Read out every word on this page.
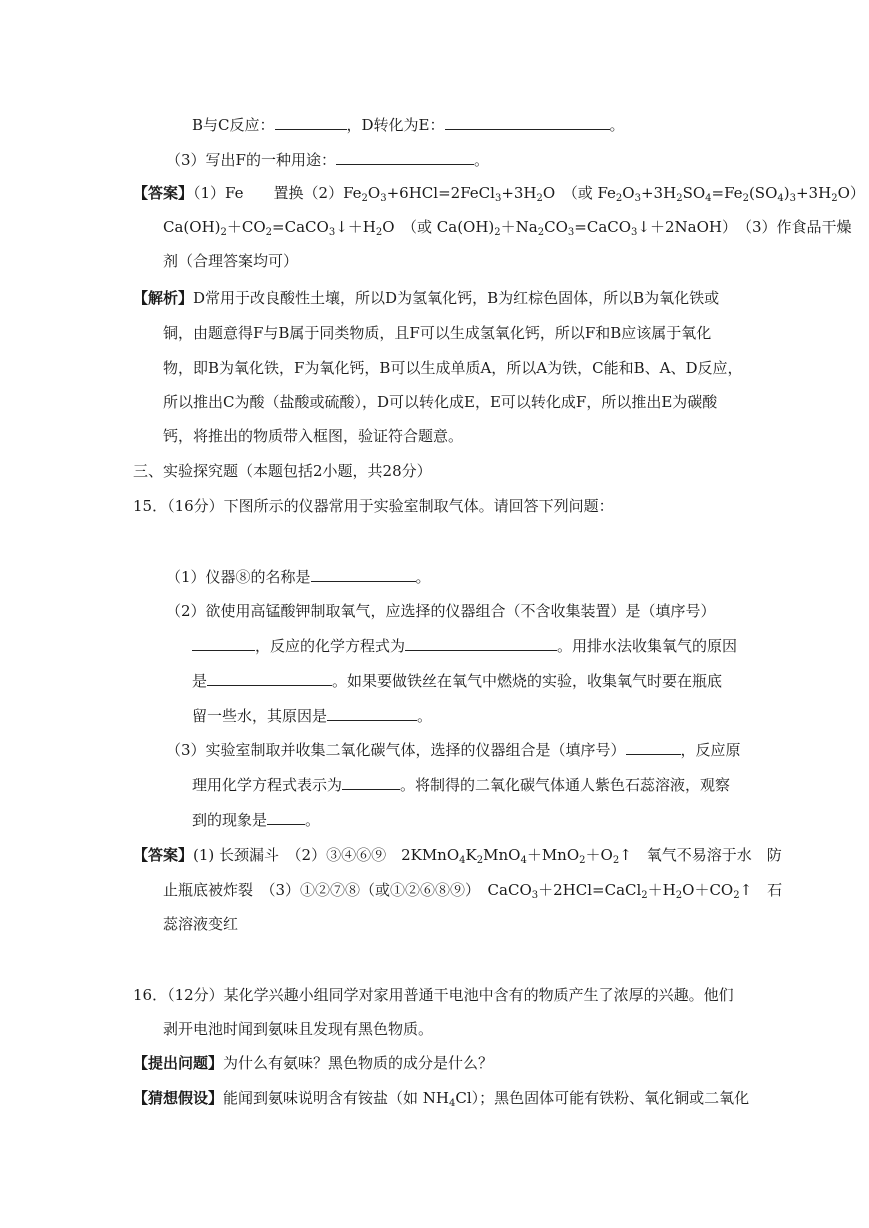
B与C反应：	，D转化为E：	。
（3）写出F的一种用途：	。
【答案】（1）Fe　　置换$(2)Fe_2O_3+6HCl=2FeCl_3+3H_2O$　（或 $Fe_2O_3+3H_2SO_4=Fe_2(SO_4)_3+3H_2O$）
$Ca(OH)_2+CO_2=CaCO_3↓+H_2O$　（或 $Ca(OH)_2+Na_2CO_3=CaCO_3↓+2NaOH$）　（3）作食品干燥
剂（合理答案均可）
【解析】D常用于改良酸性土壤，所以D为氢氧化钙，B为红棕色固体，所以B为氧化铁或
铜，由题意得F与B属于同类物质，且F可以生成氢氧化钙，所以F和B应该属于氧化
物，即B为氧化铁，F为氧化钙，B可以生成单质A，所以A为铁，C能和B、A、D反应，
所以推出C为酸（盐酸或硫酸），D可以转化成E，E可以转化成F，所以推出E为碳酸
钙，将推出的物质带入框图，验证符合题意。
三、实验探究题（本题包括2小题，共28分）
15．（16分）下图所示的仪器常用于实验室制取气体。请回答下列问题：
（1）仪器⑧的名称是	。
（2）欲使用高锰酸钾制取氧气，应选择的仪器组合（不含收集装置）是（填序号）
，反应的化学方程式为	。用排水法收集氧气的原因
是	。如果要做铁丝在氧气中燃烧的实验，收集氧气时要在瓶底
留一些水，其原因是	。
（3）实验室制取并收集二氧化碳气体，选择的仪器组合是（填序号）	，反应原
理用化学方程式表示为	。将制得的二氧化碳气体通人紫色石蕊溶液，观察
到的现象是	。
【答案】(1) 长颈漏斗　（2）③④⑥⑨　$2KMnO_4K_2MnO_4+MnO_2+O_2↑$　氧气不易溶于水　防
止瓶底被炸裂　（3）①②⑦⑧（或①②⑥⑧⑨）　$CaCO_3+2HCl=CaCl_2+H_2O+CO_2↑$　石
蕊溶液变红
16．（12分）某化学兴趣小组同学对家用普通干电池中含有的物质产生了浓厚的兴趣。他们
剥开电池时闻到氨味且发现有黑色物质。
【提出问题】为什么有氨味？黑色物质的成分是什么？
【猜想假设】能闻到氨味说明含有铵盐（如 $NH_4Cl$）；黑色固体可能有铁粉、氧化铜或二氧化
